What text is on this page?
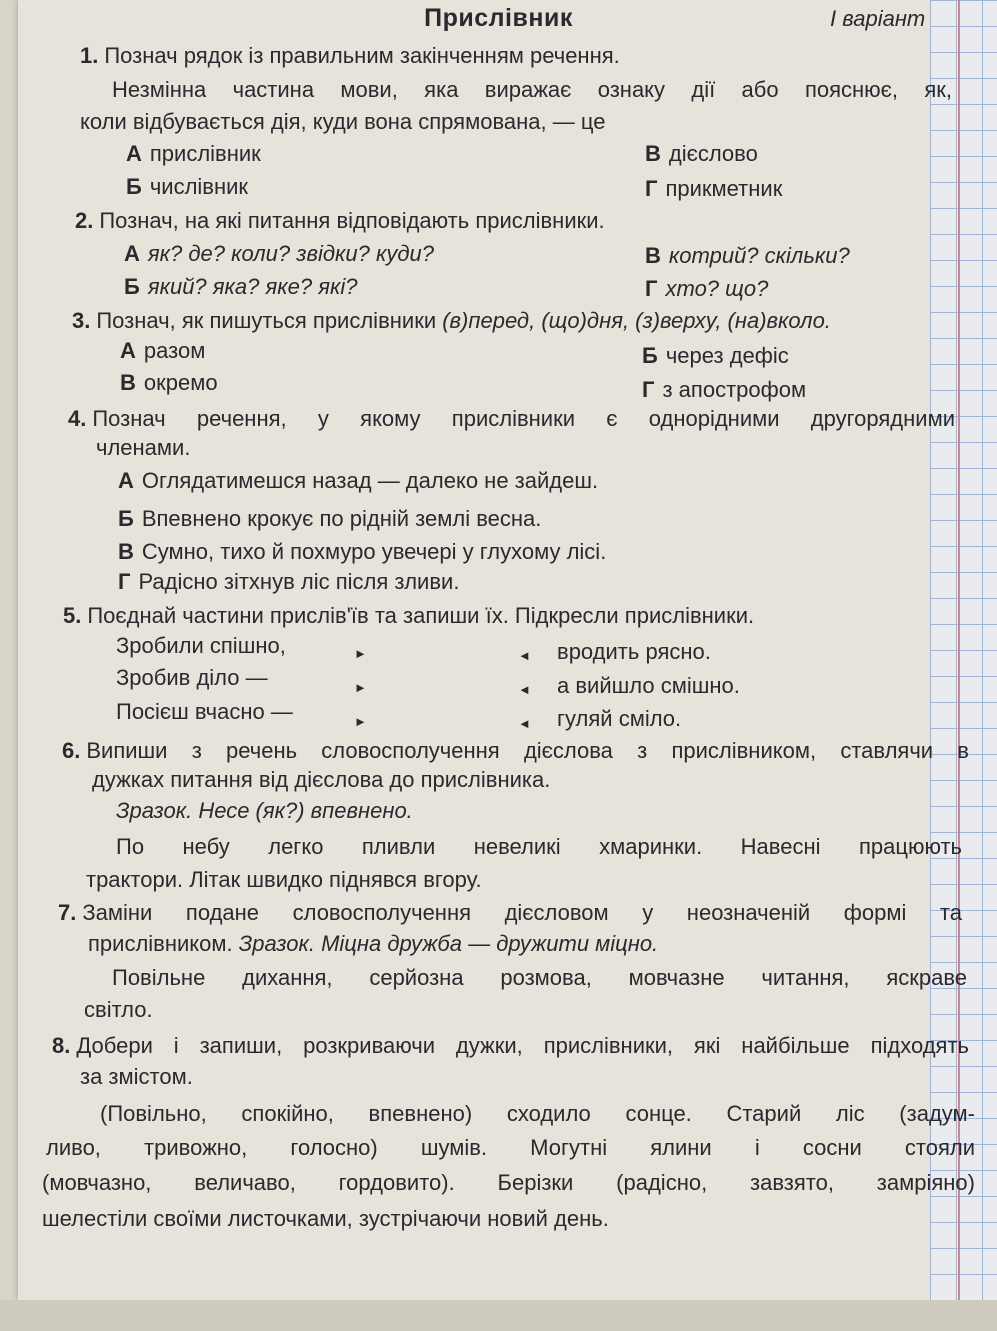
Прислівник	І варіант
1. Познач рядок із правильним закінченням речення.
Незмінна частина мови, яка виражає ознаку дії або пояснює, як,
коли відбувається дія, куди вона спрямована, — це
А прислівник	В дієслово
Б числівник	Г прикметник
2. Познач, на які питання відповідають прислівники.
А як? де? коли? звідки? куди?	В котрий? скільки?
Б який? яка? яке? які?	Г хто? що?
3. Познач, як пишуться прислівники (в)перед, (що)дня, (з)верху, (на)вколо.
А разом	Б через дефіс
В окремо	Г з апострофом
4. Познач речення, у якому прислівники є однорідними другорядними
членами.
А Оглядатимешся назад — далеко не зайдеш.
Б Впевнено крокує по рідній землі весна.
В Сумно, тихо й похмуро увечері у глухому лісі.
Г Радісно зітхнув ліс після зливи.
5. Поєднай частини прислів'їв та запиши їх. Підкресли прислівники.
Зробили спішно,	►	◄ вродить рясно.
Зробив діло —	►	◄ а вийшло смішно.
Посієш вчасно —	►	◄ гуляй сміло.
6. Випиши з речень словосполучення дієслова з прислівником, ставлячи в
дужках питання від дієслова до прислівника.
Зразок. Несе (як?) впевнено.
По небу легко пливли невеликі хмаринки. Навесні працюють
трактори. Літак швидко піднявся вгору.
7. Заміни подане словосполучення дієсловом у неозначеній формі та
прислівником. Зразок. Міцна дружба — дружити міцно.
Повільне дихання, серйозна розмова, мовчазне читання, яскраве
світло.
8. Добери і запиши, розкриваючи дужки, прислівники, які найбільше підходять
за змістом.
(Повільно, спокійно, впевнено) сходило сонце. Старий ліс (задум-
ливо, тривожно, голосно) шумів. Могутні ялини і сосни стояли
(мовчазно, величаво, гордовито). Берізки (радісно, завзято, замріяно)
шелестіли своїми листочками, зустрічаючи новий день.
